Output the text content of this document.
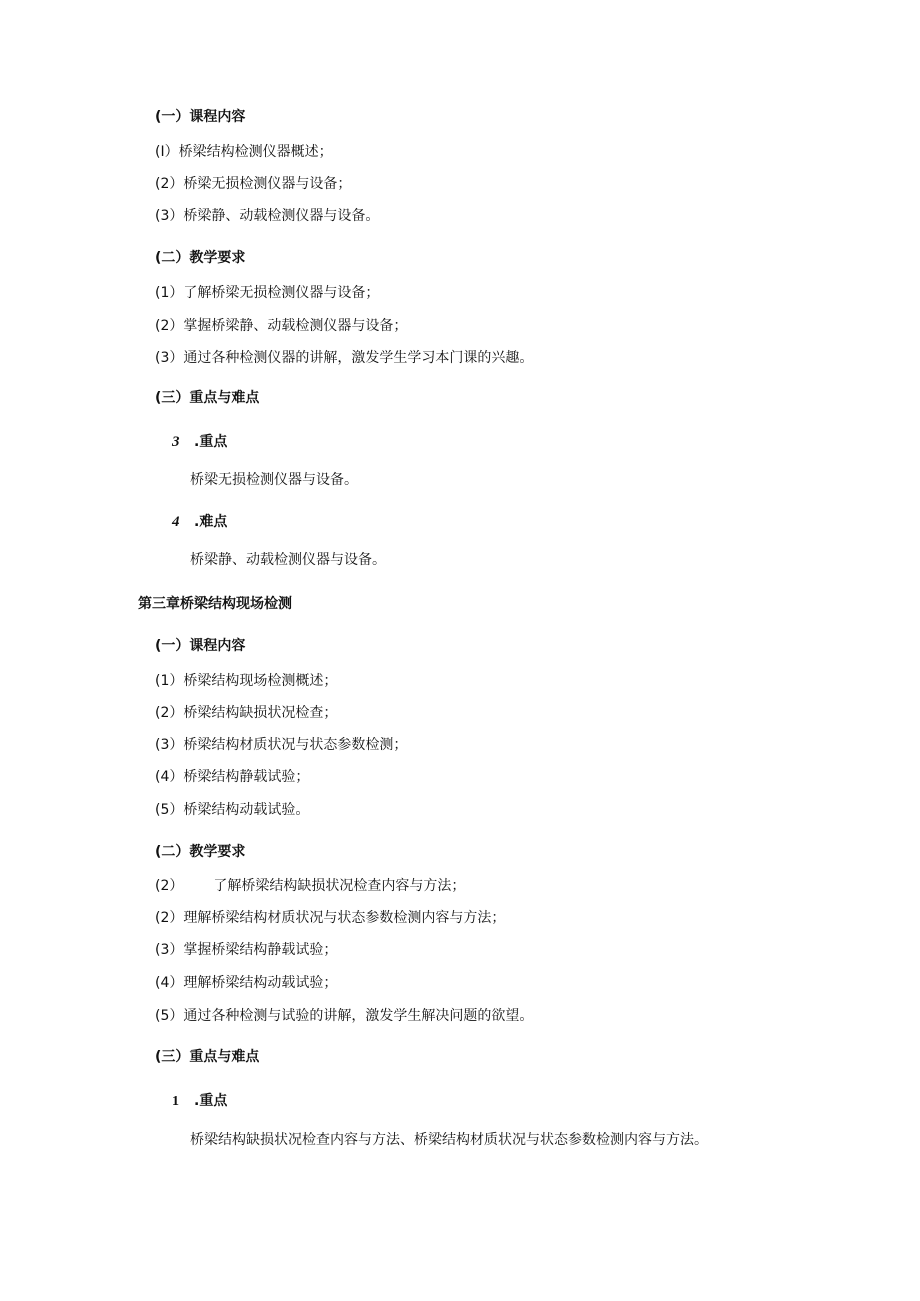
(一）课程内容
(I）桥梁结构检测仪器概述；
(2）桥梁无损检测仪器与设备；
(3）桥梁静、动载检测仪器与设备。
(二）教学要求
(1）了解桥梁无损检测仪器与设备；
(2）掌握桥梁静、动载检测仪器与设备；
(3）通过各种检测仪器的讲解，激发学生学习本门课的兴趣。
(三）重点与难点
3 .重点
桥梁无损检测仪器与设备。
4 .难点
桥梁静、动载检测仪器与设备。
第三章桥梁结构现场检测
(一）课程内容
(1）桥梁结构现场检测概述；
(2）桥梁结构缺损状况检查；
(3）桥梁结构材质状况与状态参数检测；
(4）桥梁结构静载试验；
(5）桥梁结构动载试验。
(二）教学要求
(2） 了解桥梁结构缺损状况检查内容与方法；
(2）理解桥梁结构材质状况与状态参数检测内容与方法；
(3）掌握桥梁结构静载试验；
(4）理解桥梁结构动载试验；
(5）通过各种检测与试验的讲解，激发学生解决问题的欲望。
(三）重点与难点
1 .重点
桥梁结构缺损状况检查内容与方法、桥梁结构材质状况与状态参数检测内容与方法。
